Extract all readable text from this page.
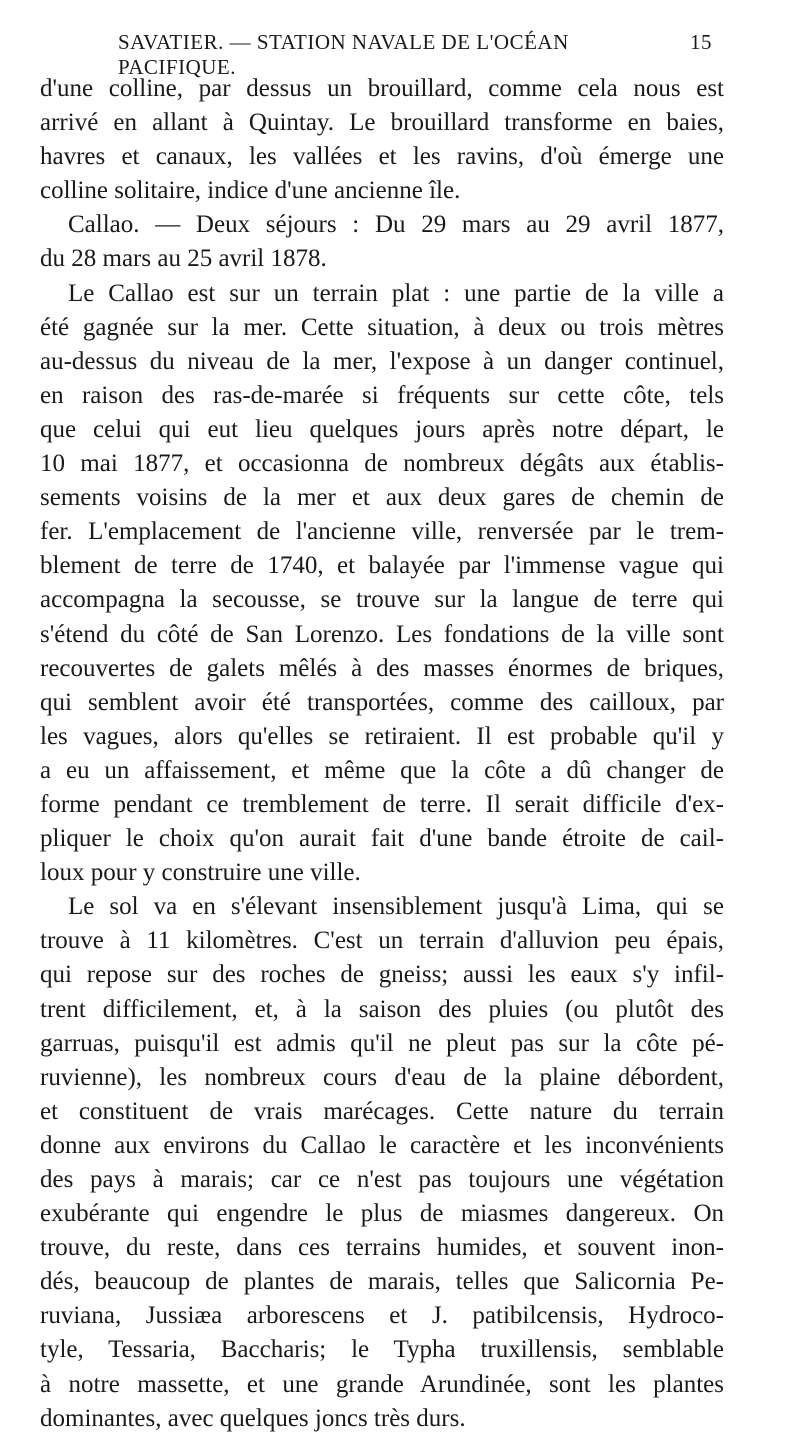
SAVATIER. — STATION NAVALE DE L'OCÉAN PACIFIQUE.
15
d'une colline, par dessus un brouillard, comme cela nous est
arrivé en allant à Quintay. Le brouillard transforme en baies,
havres et canaux, les vallées et les ravins, d'où émerge une
colline solitaire, indice d'une ancienne île.
Callao. — Deux séjours : Du 29 mars au 29 avril 1877,
du 28 mars au 25 avril 1878.
Le Callao est sur un terrain plat : une partie de la ville a
été gagnée sur la mer. Cette situation, à deux ou trois mètres
au-dessus du niveau de la mer, l'expose à un danger continuel,
en raison des ras-de-marée si fréquents sur cette côte, tels
que celui qui eut lieu quelques jours après notre départ, le
10 mai 1877, et occasionna de nombreux dégâts aux établis-
sements voisins de la mer et aux deux gares de chemin de
fer. L'emplacement de l'ancienne ville, renversée par le trem-
blement de terre de 1740, et balayée par l'immense vague qui
accompagna la secousse, se trouve sur la langue de terre qui
s'étend du côté de San Lorenzo. Les fondations de la ville sont
recouvertes de galets mêlés à des masses énormes de briques,
qui semblent avoir été transportées, comme des cailloux, par
les vagues, alors qu'elles se retiraient. Il est probable qu'il y
a eu un affaissement, et même que la côte a dû changer de
forme pendant ce tremblement de terre. Il serait difficile d'ex-
pliquer le choix qu'on aurait fait d'une bande étroite de cail-
loux pour y construire une ville.
Le sol va en s'élevant insensiblement jusqu'à Lima, qui se
trouve à 11 kilomètres. C'est un terrain d'alluvion peu épais,
qui repose sur des roches de gneiss; aussi les eaux s'y infil-
trent difficilement, et, à la saison des pluies (ou plutôt des
garruas, puisqu'il est admis qu'il ne pleut pas sur la côte pé-
ruvienne), les nombreux cours d'eau de la plaine débordent,
et constituent de vrais marécages. Cette nature du terrain
donne aux environs du Callao le caractère et les inconvénients
des pays à marais; car ce n'est pas toujours une végétation
exubérante qui engendre le plus de miasmes dangereux. On
trouve, du reste, dans ces terrains humides, et souvent inon-
dés, beaucoup de plantes de marais, telles que Salicornia Pe-
ruviana, Jussiæa arborescens et J. patibilcensis, Hydroco-
tyle, Tessaria, Baccharis; le Typha truxillensis, semblable
à notre massette, et une grande Arundinée, sont les plantes
dominantes, avec quelques joncs très durs.
